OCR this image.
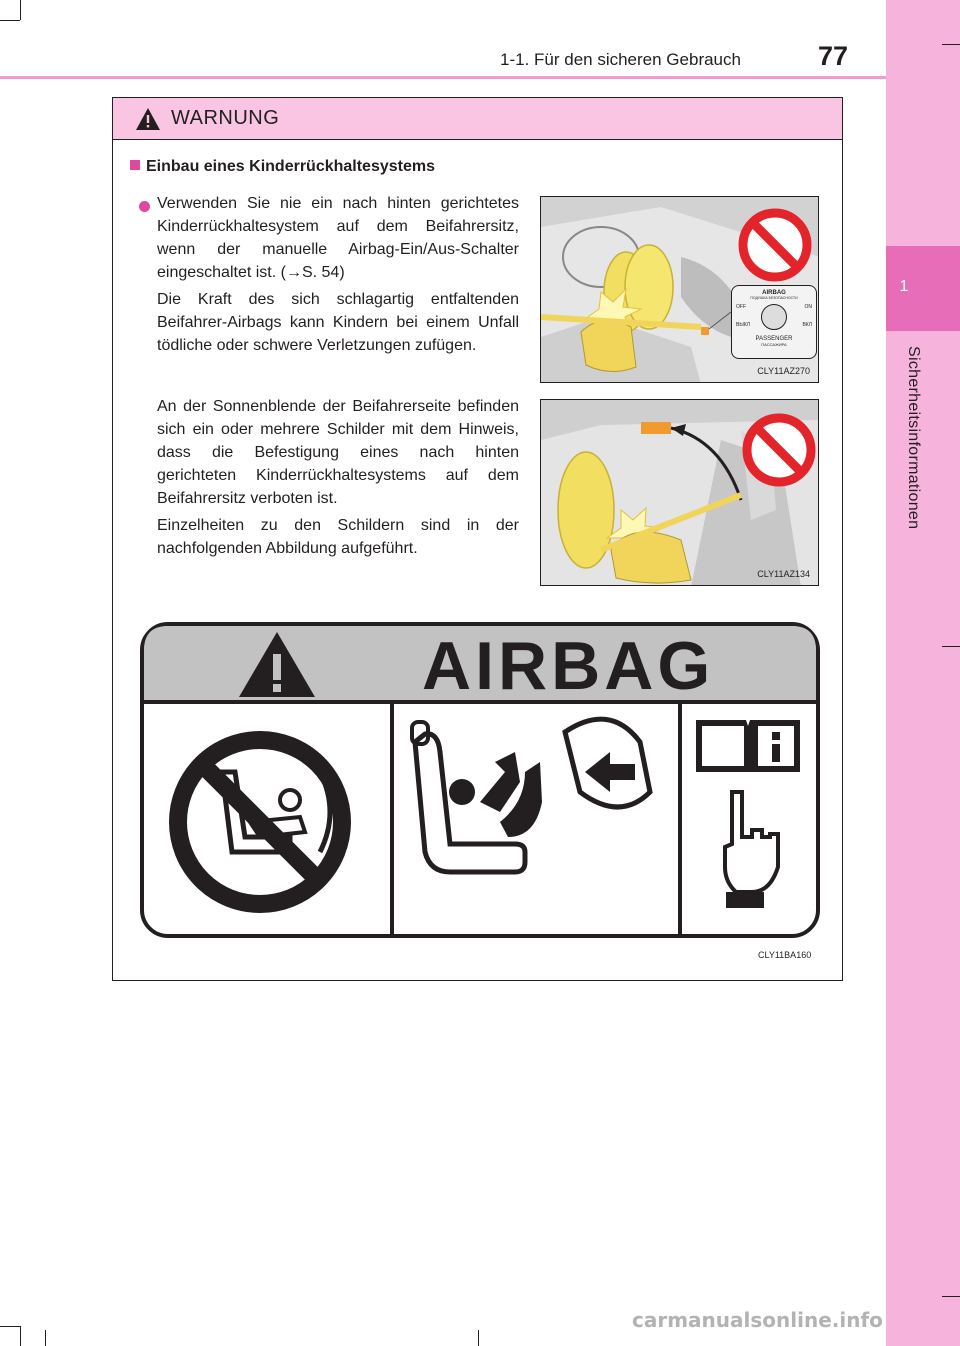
1-1. Für den sicheren Gebrauch	77
1
Sicherheitsinformationen
WARNUNG
Einbau eines Kinderrückhaltesystems
Verwenden Sie nie ein nach hinten gerichtetes Kinderrückhaltesystem auf dem Beifahrersitz, wenn der manuelle Airbag-Ein/Aus-Schalter eingeschaltet ist. (→S. 54)
Die Kraft des sich schlagartig entfaltenden Beifahrer-Airbags kann Kindern bei einem Unfall tödliche oder schwere Verletzungen zufügen.
An der Sonnenblende der Beifahrerseite befinden sich ein oder mehrere Schilder mit dem Hinweis, dass die Befestigung eines nach hinten gerichteten Kinderrückhaltesystems auf dem Beifahrersitz verboten ist.
Einzelheiten zu den Schildern sind in der nachfolgenden Abbildung aufgeführt.
AIRBAG
ПОДУШКА БЕЗОПАСНОСТИ
OFF	ON
ВЫКЛ	ВКЛ
PASSENGER
ПАССАЖИРА
CLY11AZ270
CLY11AZ134
AIRBAG
CLY11BA160
carmanualsonline.info
